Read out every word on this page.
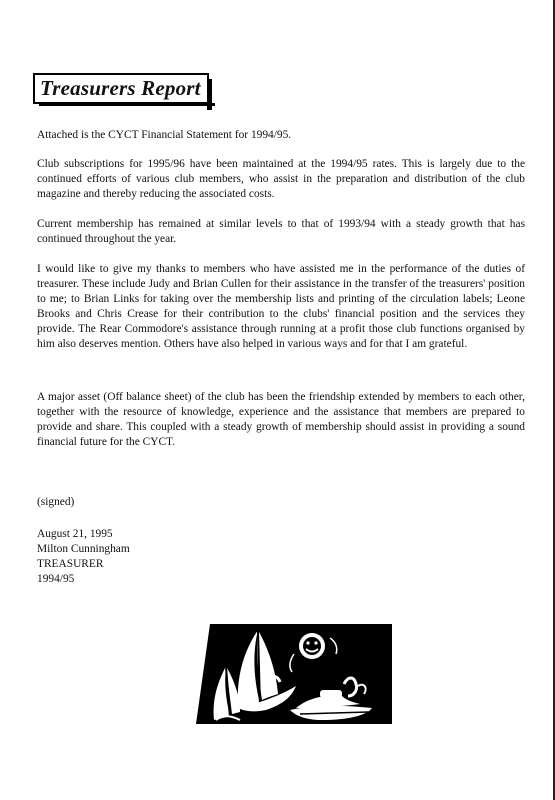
Treasurers Report

Attached is the CYCT Financial Statement for 1994/95.

Club subscriptions for 1995/96 have been maintained at the 1994/95 rates. This is largely due to the continued efforts of various club members, who assist in the preparation and distribution of the club magazine and thereby reducing the associated costs.

Current membership has remained at similar levels to that of 1993/94 with a steady growth that has continued throughout the year.

I would like to give my thanks to members who have assisted me in the performance of the duties of treasurer. These include Judy and Brian Cullen for their assistance in the transfer of the treasurers' position to me; to Brian Links for taking over the membership lists and printing of the circulation labels; Leone Brooks and Chris Crease for their contribution to the clubs' financial position and the services they provide. The Rear Commodore's assistance through running at a profit those club functions organised by him also deserves mention. Others have also helped in various ways and for that I am grateful.

A major asset (Off balance sheet) of the club has been the friendship extended by members to each other, together with the resource of knowledge, experience and the assistance that members are prepared to provide and share. This coupled with a steady growth of membership should assist in providing a sound financial future for the CYCT.

(signed)

August 21, 1995
Milton Cunningham
TREASURER
1994/95
